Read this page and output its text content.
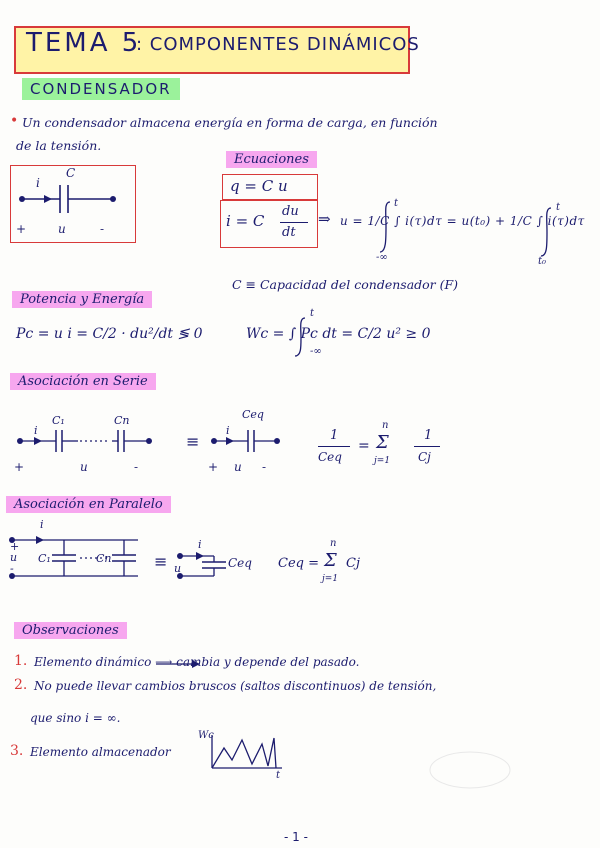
TEMA 5
: COMPONENTES DINÁMICOS
CONDENSADOR
• Un condensador almacena energía en forma de carga, en función
de la tensión.
C
i
+	u	-
Ecuaciones
q = C u
i = C
du
dt
⇒ u = 1/C ∫ i(τ)dτ = u(t₀) + 1/C ∫ i(τ)dτ
t
-∞
t
t₀
C ≡ Capacidad del condensador (F)
Potencia y Energía
Pc = u i = C/2 · du²/dt ≶ 0	Wc = ∫ Pc dt = C/2 u² ≥ 0
t
-∞
Asociación en Serie
C₁	Cn	Ceq
i
+	u	-
≡
i
+ u -
1
Ceq
=
n
Σ
j=1
1
Cj
Asociación en Paralelo
i
+
u
-
C₁	Cn	≡
i
u	Ceq Ceq =
n
Σ
j=1
Cj
Observaciones
1. Elemento dinámico ⟶ cambia y depende del pasado.
2. No puede llevar cambios bruscos (saltos discontinuos) de tensión,
que sino i = ∞.
3. Elemento almacenador
Wc
t
- 1 -
